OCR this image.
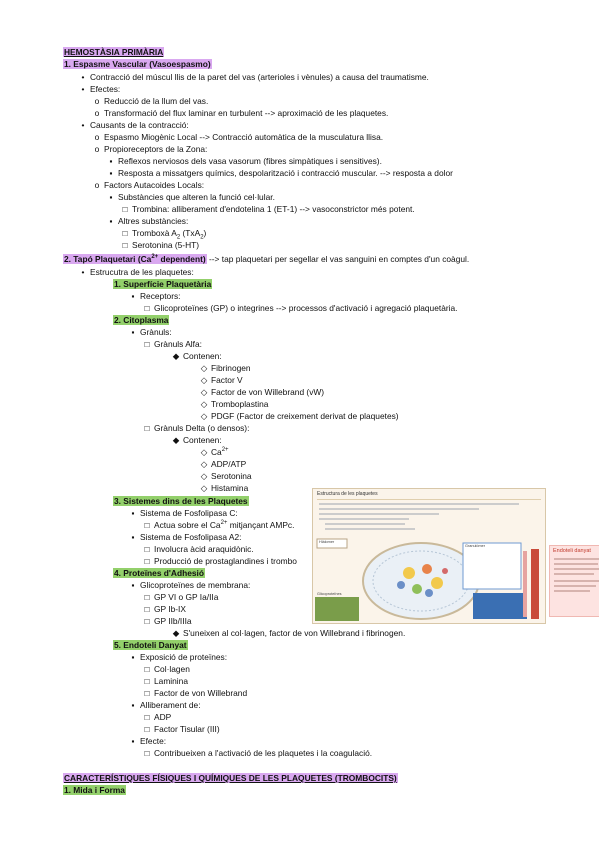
HEMOSTÀSIA PRIMÀRIA
1. Espasme Vascular (Vasoespasmo)
• Contracció del múscul llis de la paret del vas (arterioles i vènules) a causa del traumatisme.
• Efectes:
o Reducció de la llum del vas.
o Transformació del flux laminar en turbulent --> aproximació de les plaquetes.
• Causants de la contracció:
o Espasmo Miogènic Local --> Contracció automàtica de la musculatura llisa.
o Propioreceptors de la Zona:
▪ Reflexos nerviosos dels vasa vasorum (fibres simpàtiques i sensitives).
▪ Resposta a missatgers químics, despolarització i contracció muscular. --> resposta a dolor
o Factors Autacoides Locals:
▪ Substàncies que alteren la funció cel·lular.
□ Trombina: alliberament d'endotelina 1 (ET-1) --> vasoconstrictor més potent.
▪ Altres substàncies:
□ Tromboxà $A_2$ (TxA$_2$)
□ Serotonina (5-HT)
2. Tapó Plaquetari ($Ca^{2+}$ dependent) --> tap plaquetari per segellar el vas sanguini en comptes d'un coàgul.
• Estrucutra de les plaquetes:
1. Superfície Plaquetària
▪ Receptors:
□ Glicoproteïnes (GP) o integrines --> processos d'activació i agregació plaquetària.
2. Citoplasma
▪ Grànuls:
□ Grànuls Alfa:
◆ Contenen:
◇ Fibrinogen
◇ Factor V
◇ Factor de von Willebrand (vW)
◇ Tromboplastina
◇ PDGF (Factor de creixement derivat de plaquetes)
□ Grànuls Delta (o densos):
◆ Contenen:
◇ $Ca^{2+}$
◇ ADP/ATP
◇ Serotonina
◇ Histamina
3. Sistemes dins de les Plaquetes
▪ Sistema de Fosfolipasa C:
□ Actua sobre el $Ca^{2+}$ mitjançant AMPc.
▪ Sistema de Fosfolipasa A2:
□ Involucra àcid araquidònic.
□ Producció de prostaglandines i trombo
4. Proteïnes d'Adhesió
▪ Glicoproteïnes de membrana:
□ GP VI o GP Ia/IIa
□ GP Ib-IX
□ GP IIb/IIIa
◆ S'uneixen al col·lagen, factor de von Willebrand i fibrinogen.
5. Endoteli Danyat
▪ Exposició de proteïnes:
□ Col·lagen
□ Laminina
□ Factor de von Willebrand
▪ Alliberament de:
□ ADP
□ Factor Tisular (III)
▪ Efecte:
□ Contribueixen a l'activació de les plaquetes i la coagulació.
CARACTERÍSTIQUES FÍSIQUES I QUÍMIQUES DE LES PLAQUETES (TROMBOCITS)
1. Mida i Forma
Estructura de les plaquetes
Hiàlomer
Granulòmer
Glicoproteïnes
Endoteli danyat
